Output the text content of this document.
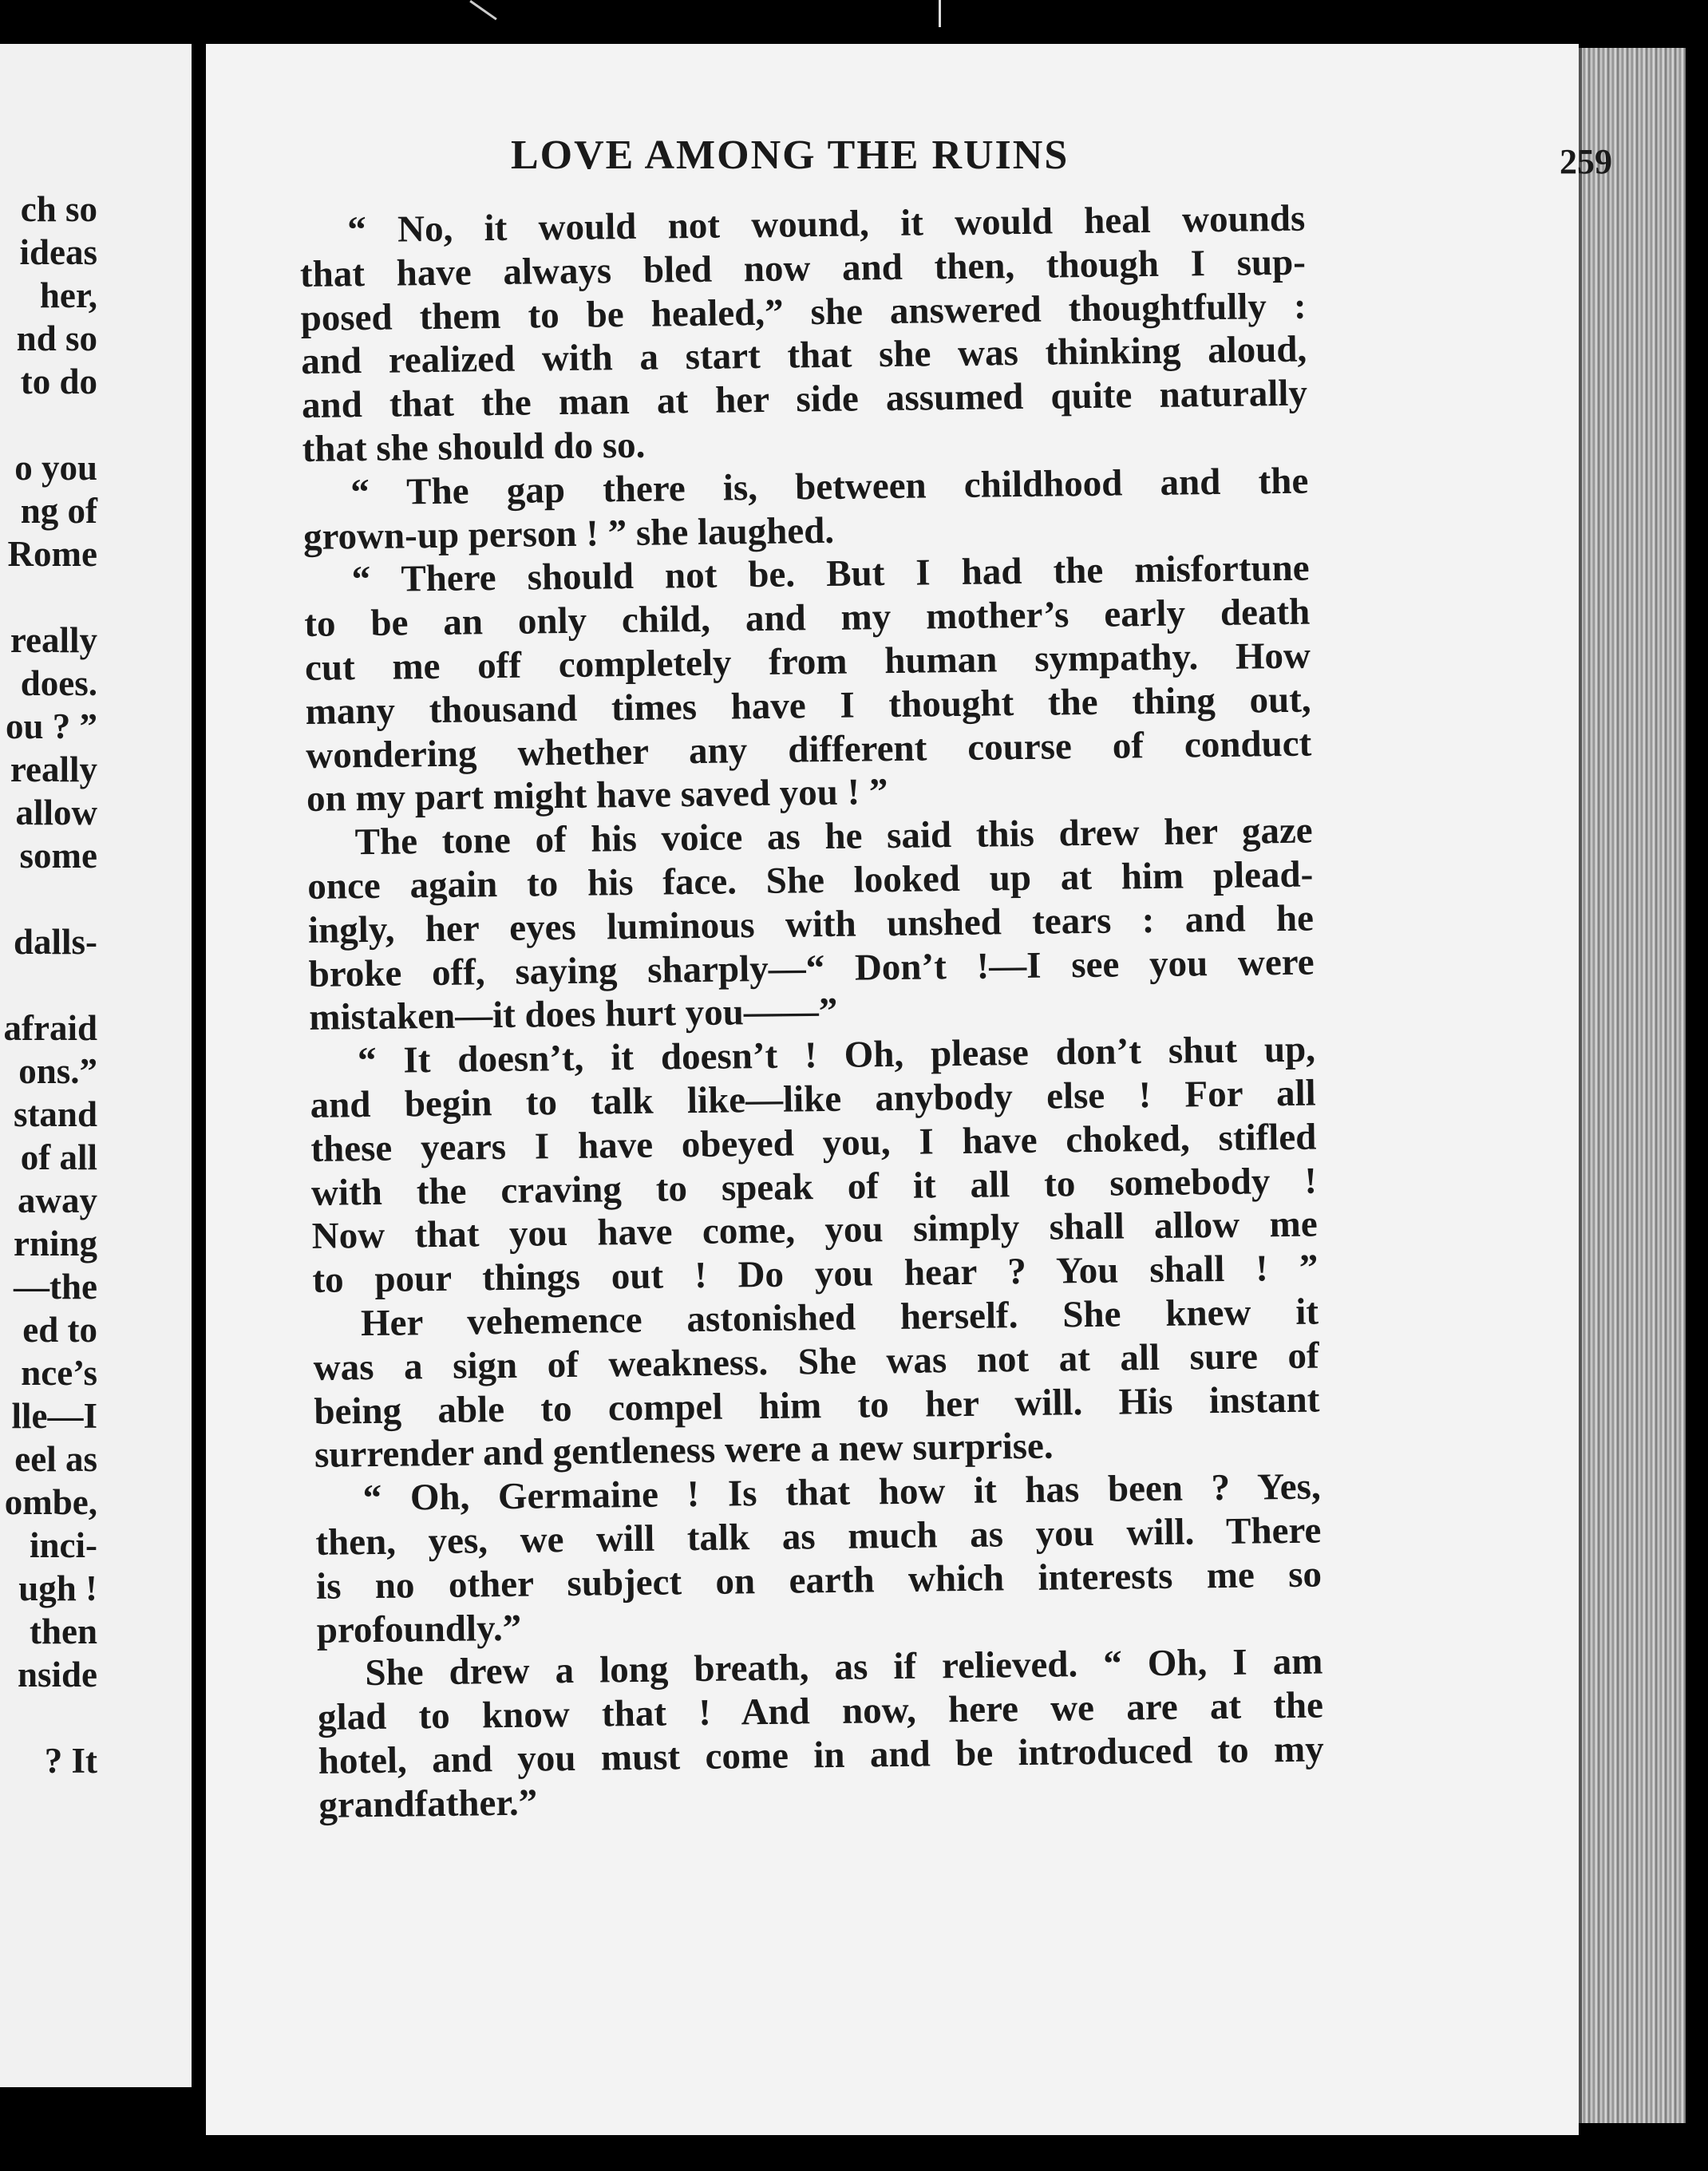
ch so
ideas
her,
nd so
to do
o you
ng of
Rome
really
does.
ou ? ”
really
allow
some
dalls-
afraid
ons.”
stand
of all
away
rning
—the
ed to
nce’s
lle—I
eel as
ombe,
inci-
ugh !
then
nside
? It
LOVE AMONG THE RUINS	259
“ No, it would not wound, it would heal wounds
that have always bled now and then, though I sup-
posed them to be healed,” she answered thoughtfully :
and realized with a start that she was thinking aloud,
and that the man at her side assumed quite naturally
that she should do so.
“ The gap there is, between childhood and the
grown-up person ! ” she laughed.
“ There should not be. But I had the misfortune
to be an only child, and my mother’s early death
cut me off completely from human sympathy. How
many thousand times have I thought the thing out,
wondering whether any different course of conduct
on my part might have saved you ! ”
The tone of his voice as he said this drew her gaze
once again to his face. She looked up at him plead-
ingly, her eyes luminous with unshed tears : and he
broke off, saying sharply—“ Don’t !—I see you were
mistaken—it does hurt you——”
“ It doesn’t, it doesn’t ! Oh, please don’t shut up,
and begin to talk like—like anybody else ! For all
these years I have obeyed you, I have choked, stifled
with the craving to speak of it all to somebody !
Now that you have come, you simply shall allow me
to pour things out ! Do you hear ? You shall ! ”
Her vehemence astonished herself. She knew it
was a sign of weakness. She was not at all sure of
being able to compel him to her will. His instant
surrender and gentleness were a new surprise.
“ Oh, Germaine ! Is that how it has been ? Yes,
then, yes, we will talk as much as you will. There
is no other subject on earth which interests me so
profoundly.”
She drew a long breath, as if relieved. “ Oh, I am
glad to know that ! And now, here we are at the
hotel, and you must come in and be introduced to my
grandfather.”
